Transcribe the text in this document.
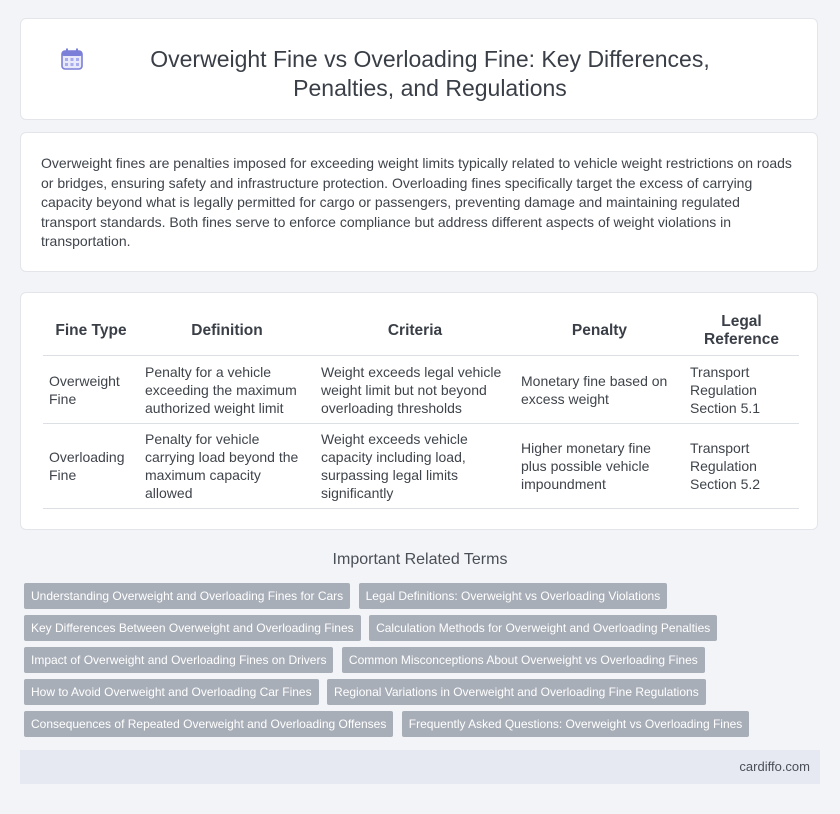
Overweight Fine vs Overloading Fine: Key Differences, Penalties, and Regulations
Overweight fines are penalties imposed for exceeding weight limits typically related to vehicle weight restrictions on roads or bridges, ensuring safety and infrastructure protection. Overloading fines specifically target the excess of carrying capacity beyond what is legally permitted for cargo or passengers, preventing damage and maintaining regulated transport standards. Both fines serve to enforce compliance but address different aspects of weight violations in transportation.
Fine Type	Definition	Criteria	Penalty	Legal Reference
Overweight Fine	Penalty for a vehicle exceeding the maximum authorized weight limit	Weight exceeds legal vehicle weight limit but not beyond overloading thresholds	Monetary fine based on excess weight	Transport Regulation Section 5.1
Overloading Fine	Penalty for vehicle carrying load beyond the maximum capacity allowed	Weight exceeds vehicle capacity including load, surpassing legal limits significantly	Higher monetary fine plus possible vehicle impoundment	Transport Regulation Section 5.2
Important Related Terms
Understanding Overweight and Overloading Fines for Cars Legal Definitions: Overweight vs Overloading Violations
Key Differences Between Overweight and Overloading Fines Calculation Methods for Overweight and Overloading Penalties
Impact of Overweight and Overloading Fines on Drivers Common Misconceptions About Overweight vs Overloading Fines
How to Avoid Overweight and Overloading Car Fines Regional Variations in Overweight and Overloading Fine Regulations
Consequences of Repeated Overweight and Overloading Offenses Frequently Asked Questions: Overweight vs Overloading Fines
cardiffo.com
